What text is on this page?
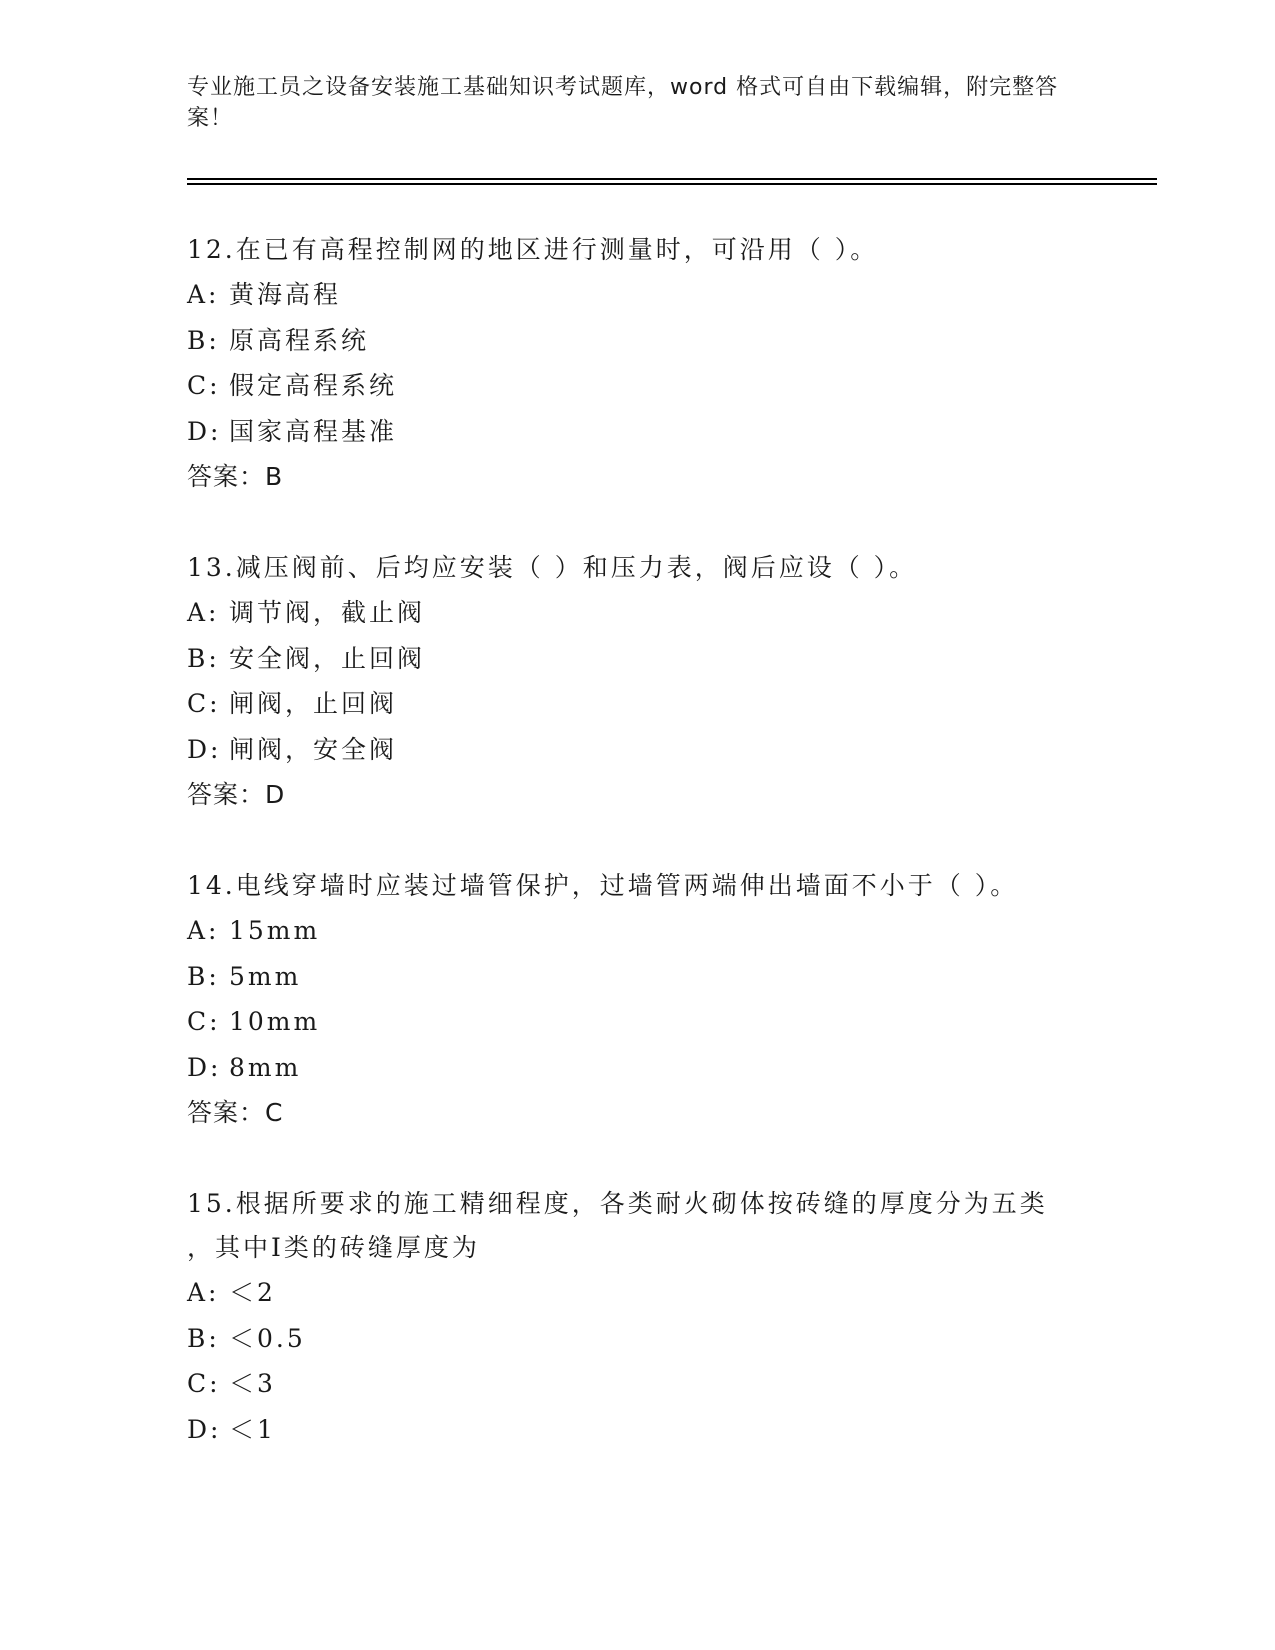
专业施工员之设备安装施工基础知识考试题库，word 格式可自由下载编辑，附完整答案！

12.在已有高程控制网的地区进行测量时，可沿用（ ）。

A: 黄海高程

B: 原高程系统

C: 假定高程系统

D: 国家高程基准

答案：B

13.减压阀前、后均应安装（ ）和压力表，阀后应设（ ）。

A: 调节阀，截止阀

B: 安全阀，止回阀

C: 闸阀，止回阀

D: 闸阀，安全阀

答案：D

14.电线穿墙时应装过墙管保护，过墙管两端伸出墙面不小于（ ）。

A: 15mm

B: 5mm

C: 10mm

D: 8mm

答案：C

15.根据所要求的施工精细程度，各类耐火砌体按砖缝的厚度分为五类

，其中Ⅰ类的砖缝厚度为

A: ＜2

B: ＜0.5

C: ＜3

D: ＜1
